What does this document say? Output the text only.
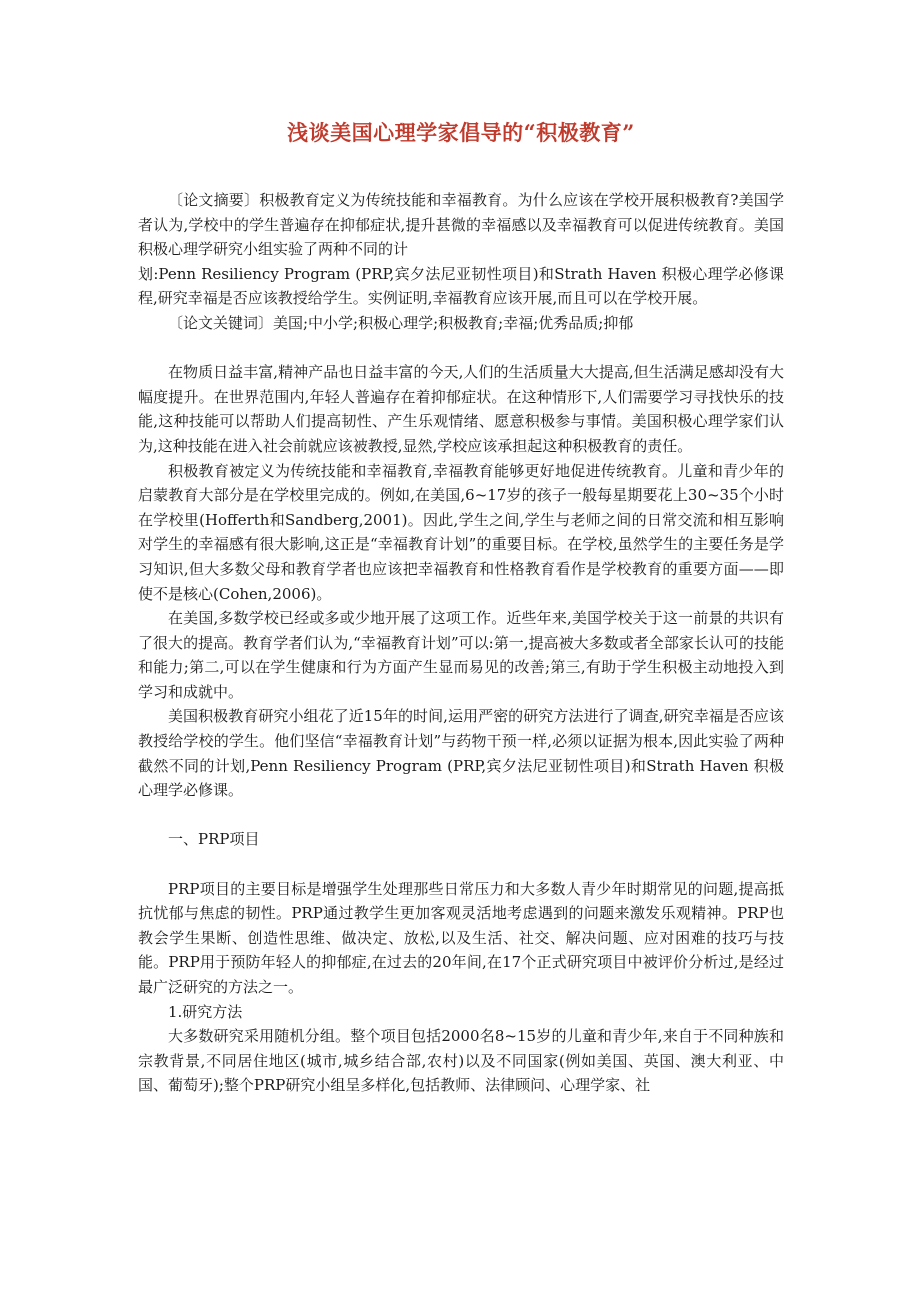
浅谈美国心理学家倡导的“积极教育”

〔论文摘要〕积极教育定义为传统技能和幸福教育。为什么应该在学校开展积极教育?美国学者认为,学校中的学生普遍存在抑郁症状,提升甚微的幸福感以及幸福教育可以促进传统教育。美国积极心理学研究小组实验了两种不同的计

划:Penn Resiliency Program (PRP,宾夕法尼亚韧性项目)和Strath Haven 积极心理学必修课程,研究幸福是否应该教授给学生。实例证明,幸福教育应该开展,而且可以在学校开展。

〔论文关键词〕美国;中小学;积极心理学;积极教育;幸福;优秀品质;抑郁

在物质日益丰富,精神产品也日益丰富的今天,人们的生活质量大大提高,但生活满足感却没有大幅度提升。在世界范围内,年轻人普遍存在着抑郁症状。在这种情形下,人们需要学习寻找快乐的技能,这种技能可以帮助人们提高韧性、产生乐观情绪、愿意积极参与事情。美国积极心理学家们认为,这种技能在进入社会前就应该被教授,显然,学校应该承担起这种积极教育的责任。

积极教育被定义为传统技能和幸福教育,幸福教育能够更好地促进传统教育。儿童和青少年的启蒙教育大部分是在学校里完成的。例如,在美国,6~17岁的孩子一般每星期要花上30~35个小时在学校里(Hofferth和Sandberg,2001)。因此,学生之间,学生与老师之间的日常交流和相互影响对学生的幸福感有很大影响,这正是“幸福教育计划”的重要目标。在学校,虽然学生的主要任务是学习知识,但大多数父母和教育学者也应该把幸福教育和性格教育看作是学校教育的重要方面——即使不是核心(Cohen,2006)。

在美国,多数学校已经或多或少地开展了这项工作。近些年来,美国学校关于这一前景的共识有了很大的提高。教育学者们认为,“幸福教育计划”可以:第一,提高被大多数或者全部家长认可的技能和能力;第二,可以在学生健康和行为方面产生显而易见的改善;第三,有助于学生积极主动地投入到学习和成就中。

美国积极教育研究小组花了近15年的时间,运用严密的研究方法进行了调查,研究幸福是否应该教授给学校的学生。他们坚信“幸福教育计划”与药物干预一样,必须以证据为根本,因此实验了两种截然不同的计划,Penn Resiliency Program (PRP,宾夕法尼亚韧性项目)和Strath Haven 积极心理学必修课。

一、PRP项目

PRP项目的主要目标是增强学生处理那些日常压力和大多数人青少年时期常见的问题,提高抵抗忧郁与焦虑的韧性。PRP通过教学生更加客观灵活地考虑遇到的问题来激发乐观精神。PRP也教会学生果断、创造性思维、做决定、放松,以及生活、社交、解决问题、应对困难的技巧与技能。PRP用于预防年轻人的抑郁症,在过去的20年间,在17个正式研究项目中被评价分析过,是经过最广泛研究的方法之一。

1.研究方法

大多数研究采用随机分组。整个项目包括2000名8~15岁的儿童和青少年,来自于不同种族和宗教背景,不同居住地区(城市,城乡结合部,农村)以及不同国家(例如美国、英国、澳大利亚、中国、葡萄牙);整个PRP研究小组呈多样化,包括教师、法律顾问、心理学家、社
